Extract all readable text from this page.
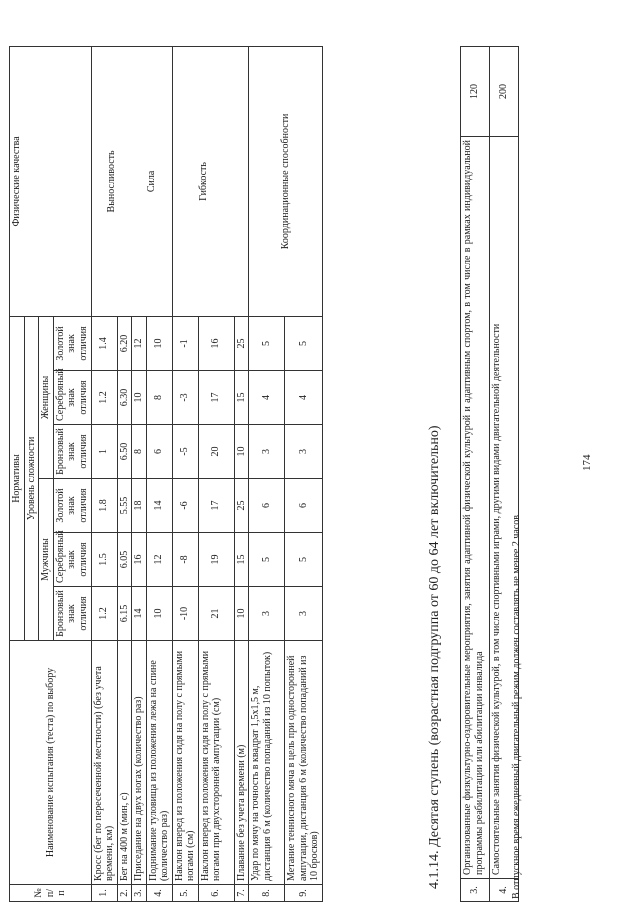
174
3.	Организованные физкультурно-оздоровительные мероприятия, занятия адаптивной физической культурой и адаптивным спортом, в том числе в рамках индивидуальной программы реабилитации или абилитации инвалида	120
4.	Самостоятельные занятия физической культурой, в том числе спортивными играми, другими видами двигательной деятельности	200

В отпускное время ежедневный двигательный режим должен составлять не менее 2 часов
4.1.14. Десятая ступень (возрастная подгруппа от 60 до 64 лет включительно)
№ п/п	Наименование испытания (теста) по выбору	Нормативы						Физические качества
		Уровень сложности						
		Мужчины			Женщины			
		Бронзовый знак отличия	Серебряный знак отличия	Золотой знак отличия	Бронзовый знак отличия	Серебряный знак отличия	Золотой знак отличия	
1.	Кросс (бег по пересеченной местности) (без учета времени, км)	1.2	1.5	1.8	1	1.2	1.4	Выносливость
2.	Бег на 400 м (мин, с)	6.15	6.05	5.55	6.50	6.30	6.20	
3.	Приседание на двух ногах (количество раз)	14	16	18	8	10	12	Сила
4.	Поднимание туловища из положения лежа на спине (количество раз)	10	12	14	6	8	10	
5.	Наклон вперед из положения сидя на полу с прямыми ногами (см)	-10	-8	-6	-5	-3	-1	Гибкость
6.	Наклон вперед из положения сидя на полу с прямыми ногами при двухсторонней ампутации (см)	21	19	17	20	17	16	
7.	Плавание без учета времени (м)	10	15	25	10	15	25	
8.	Удар по мячу на точность в квадрат 1,5х1,5 м, дистанция 6 м (количество попаданий из 10 попыток)	3	5	6	3	4	5	Координационные способности
9.	Метание теннисного мяча в цель при односторонней ампутации, дистанция 6 м (количество попаданий из 10 бросков)	3	5	6	3	4	5	
